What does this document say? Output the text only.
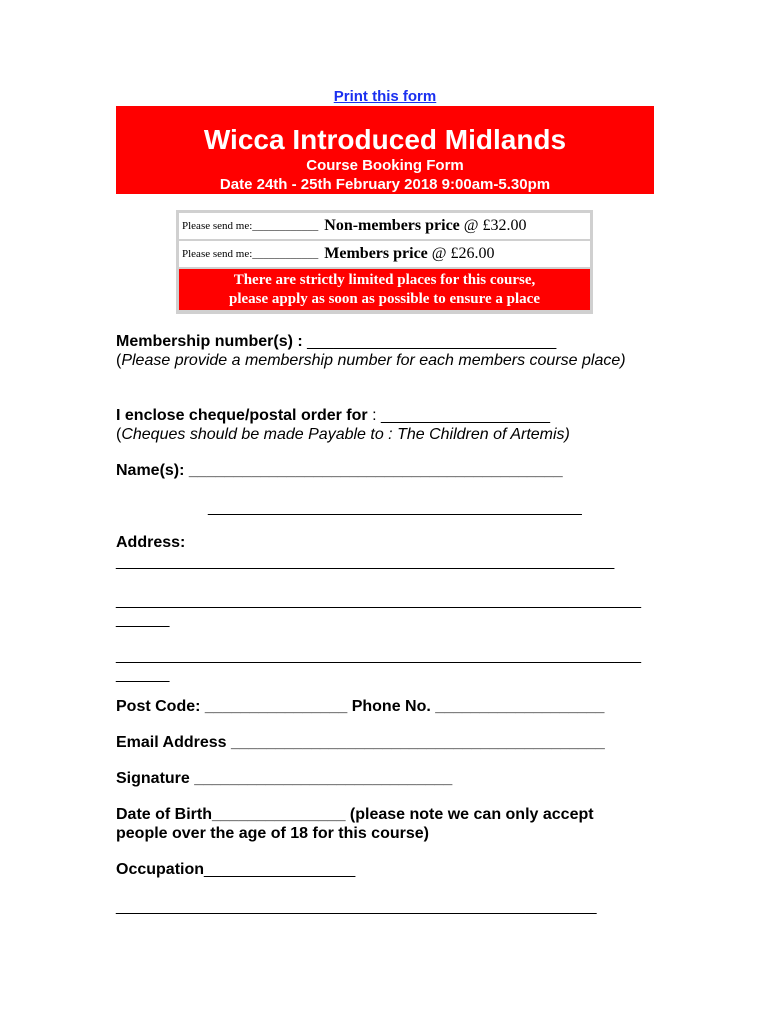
Print this form
Wicca Introduced Midlands
Course Booking Form
Date 24th - 25th February 2018 9:00am-5.30pm
Please send me:____________ Non-members price @ £32.00
Please send me:____________ Members price @ £26.00
There are strictly limited places for this course,
please apply as soon as possible to ensure a place
Membership number(s) : ____________________________
(Please provide a membership number for each members course place)
I enclose cheque/postal order for : ___________________
(Cheques should be made Payable to : The Children of Artemis)
Name(s): __________________________________________
__________________________________________
Address:
________________________________________________________
___________________________________________________________
______
___________________________________________________________
______
Post Code: ________________ Phone No. ___________________
Email Address __________________________________________
Signature _____________________________
Date of Birth_______________ (please note we can only accept
people over the age of 18 for this course)
Occupation_________________
______________________________________________________
